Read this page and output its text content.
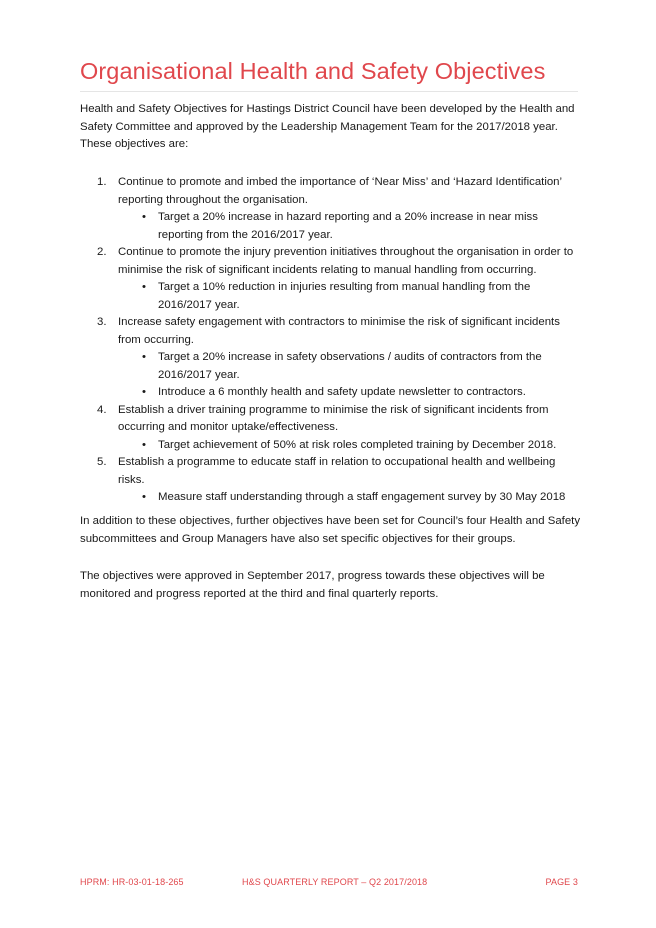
Organisational Health and Safety Objectives

Health and Safety Objectives for Hastings District Council have been developed by the Health and Safety Committee and approved by the Leadership Management Team for the 2017/2018 year. These objectives are:

1. Continue to promote and imbed the importance of ‘Near Miss’ and ‘Hazard Identification’ reporting throughout the organisation.
• Target a 20% increase in hazard reporting and a 20% increase in near miss reporting from the 2016/2017 year.
2. Continue to promote the injury prevention initiatives throughout the organisation in order to minimise the risk of significant incidents relating to manual handling from occurring.
• Target a 10% reduction in injuries resulting from manual handling from the 2016/2017 year.
3. Increase safety engagement with contractors to minimise the risk of significant incidents from occurring.
• Target a 20% increase in safety observations / audits of contractors from the 2016/2017 year.
• Introduce a 6 monthly health and safety update newsletter to contractors.
4. Establish a driver training programme to minimise the risk of significant incidents from occurring and monitor uptake/effectiveness.
• Target achievement of 50% at risk roles completed training by December 2018.
5. Establish a programme to educate staff in relation to occupational health and wellbeing risks.
• Measure staff understanding through a staff engagement survey by 30 May 2018

In addition to these objectives, further objectives have been set for Council’s four Health and Safety subcommittees and Group Managers have also set specific objectives for their groups.

The objectives were approved in September 2017, progress towards these objectives will be monitored and progress reported at the third and final quarterly reports.

HPRM: HR-03-01-18-265	H&S QUARTERLY REPORT – Q2 2017/2018	PAGE 3
